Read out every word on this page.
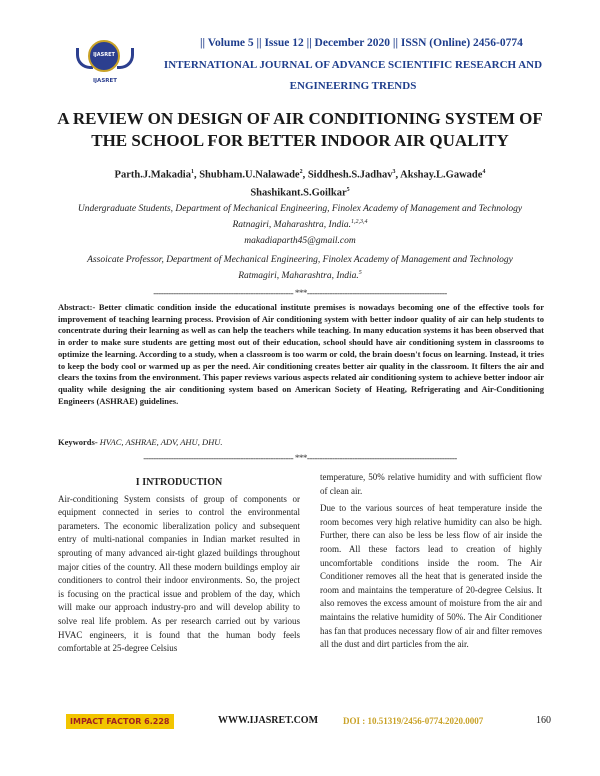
IJASRET
IJASRET
|| Volume 5 || Issue 12 || December 2020 || ISSN (Online) 2456-0774
INTERNATIONAL JOURNAL OF ADVANCE SCIENTIFIC RESEARCH AND ENGINEERING TRENDS
A REVIEW ON DESIGN OF AIR CONDITIONING SYSTEM OF THE SCHOOL FOR BETTER INDOOR AIR QUALITY
Parth.J.Makadia$^1$, Shubham.U.Nalawade$^2$, Siddhesh.S.Jadhav$^3$, Akshay.L.Gawade$^4$
Shashikant.S.Goilkar$^5$
Undergraduate Students, Department of Mechanical Engineering, Finolex Academy of Management and Technology Ratnagiri, Maharashtra, India.$^{1,2,3,4}$
makadiaparth45@gmail.com
Assoicate Professor, Department of Mechanical Engineering, Finolex Academy of Management and Technology Ratmagiri, Maharashtra, India.$^5$
-------------------------------------------------------- ***--------------------------------------------------------
Abstract:- Better climatic condition inside the educational institute premises is nowadays becoming one of the effective tools for improvement of teaching learning process. Provision of Air conditioning system with better indoor quality of air can help students to concentrate during their learning as well as can help the teachers while teaching. In many education systems it has been observed that in order to make sure students are getting most out of their education, school should have air conditioning system in classrooms to optimize the learning. According to a study, when a classroom is too warm or cold, the brain doesn't focus on learning. Instead, it tries to keep the body cool or warmed up as per the need. Air conditioning creates better air quality in the classroom. It filters the air and clears the toxins from the environment. This paper reviews various aspects related air conditioning system to achieve better indoor air quality while designing the air conditioning system based on American Society of Heating, Refrigerating and Air-Conditioning Engineers (ASHRAE) guidelines.
Keywords- HVAC, ASHRAE, ADV, AHU, DHU.
------------------------------------------------------------ ***------------------------------------------------------------
I INTRODUCTION

Air-conditioning System consists of group of components or equipment connected in series to control the environmental parameters. The economic liberalization policy and subsequent entry of multi-national companies in Indian market resulted in sprouting of many advanced air-tight glazed buildings throughout major cities of the country. All these modern buildings employ air conditioners to control their indoor environments. So, the project is focusing on the practical issue and problem of the day, which will make our approach industry-pro and will develop ability to solve real life problem. As per research carried out by various HVAC engineers, it is found that the human body feels comfortable at 25-degree Celsius

temperature, 50% relative humidity and with sufficient flow of clean air.

Due to the various sources of heat temperature inside the room becomes very high relative humidity can also be high. Further, there can also be less be less flow of air inside the room. All these factors lead to creation of highly uncomfortable conditions inside the room. The Air Conditioner removes all the heat that is generated inside the room and maintains the temperature of 20-degree Celsius. It also removes the excess amount of moisture from the air and maintains the relative humidity of 50%. The Air Conditioner has fan that produces necessary flow of air and filter removes all the dust and dirt particles from the air.

IMPACT FACTOR 6.228	WWW.IJASRET.COM	DOI : 10.51319/2456-0774.2020.0007	160
